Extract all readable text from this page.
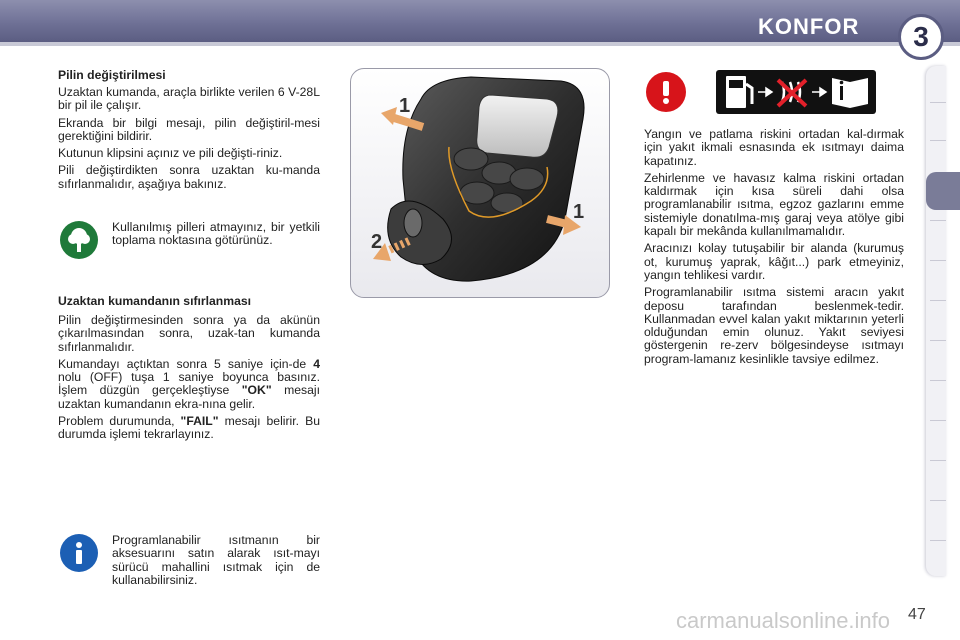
KONFOR	3
Pilin değiştirilmesi

Uzaktan kumanda, araçla birlikte verilen 6 V-28L bir pil ile çalışır.

Ekranda bir bilgi mesajı, pilin değiştiril-mesi gerektiğini bildirir.

Kutunun klipsini açınız ve pili değişti-riniz.

Pili değiştirdikten sonra uzaktan ku-manda sıfırlanmalıdır, aşağıya bakınız.

Kullanılmış pilleri atmayınız, bir yetkili toplama noktasına götürünüz.
Uzaktan kumandanın sıfırlanması

Pilin değiştirmesinden sonra ya da akünün çıkarılmasından sonra, uzak-tan kumanda sıfırlanmalıdır.

Kumandayı açtıktan sonra 5 saniye için-de 4 nolu (OFF) tuşa 1 saniye boyunca basınız. İşlem düzgün gerçekleştiyse "OK" mesajı uzaktan kumandanın ekra-nına gelir.

Problem durumunda, "FAIL" mesajı belirir. Bu durumda işlemi tekrarlayınız.

Programlanabilir ısıtmanın bir aksesuarını satın alarak ısıt-mayı sürücü mahallini ısıtmak için de kullanabilirsiniz.
1
1
2

Yangın ve patlama riskini ortadan kal-dırmak için yakıt ikmali esnasında ek ısıtmayı daima kapatınız.

Zehirlenme ve havasız kalma riskini ortadan kaldırmak için kısa süreli dahi olsa programlanabilir ısıtma, egzoz gazlarını emme sistemiyle donatılma-mış garaj veya atölye gibi kapalı bir mekânda kullanılmamalıdır.

Aracınızı kolay tutuşabilir bir alanda (kurumuş ot, kurumuş yaprak, kâğıt...) park etmeyiniz, yangın tehlikesi vardır.

Programlanabilir ısıtma sistemi aracın yakıt deposu tarafından beslenmek-tedir. Kullanmadan evvel kalan yakıt miktarının yeterli olduğundan emin olunuz. Yakıt seviyesi göstergenin re-zerv bölgesindeyse ısıtmayı program-lamanız kesinlikle tavsiye edilmez.

carmanualsonline.info 47
